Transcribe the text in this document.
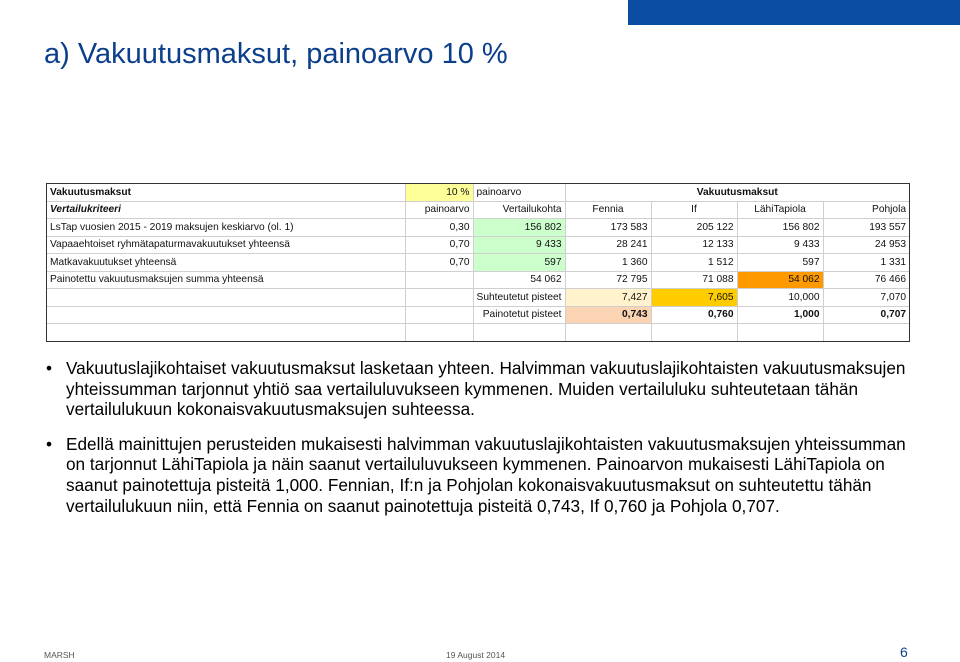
a) Vakuutusmaksut, painoarvo 10 %
Vakuutusmaksut	10 %	painoarvo	Vakuutusmaksut			
Vertailukriteeri	painoarvo	Vertailukohta	Fennia	If	LähiTapiola	Pohjola
LsTap vuosien 2015 - 2019 maksujen keskiarvo (ol. 1)	0,30	156 802	173 583	205 122	156 802	193 557
Vapaaehtoiset ryhmätapaturmavakuutukset yhteensä	0,70	9 433	28 241	12 133	9 433	24 953
Matkavakuutukset yhteensä	0,70	597	1 360	1 512	597	1 331
Painotettu vakuutusmaksujen summa yhteensä		54 062	72 795	71 088	54 062	76 466
		Suhteutetut pisteet	7,427	7,605	10,000	7,070
		Painotetut pisteet	0,743	0,760	1,000	0,707

• Vakuutuslajikohtaiset vakuutusmaksut lasketaan yhteen. Halvimman vakuutuslajikohtaisten vakuutusmaksujen yhteissumman tarjonnut yhtiö saa vertailuluvukseen kymmenen. Muiden vertailuluku suhteutetaan tähän vertailulukuun kokonaisvakuutusmaksujen suhteessa.
• Edellä mainittujen perusteiden mukaisesti halvimman vakuutuslajikohtaisten vakuutusmaksujen yhteissumman on tarjonnut LähiTapiola ja näin saanut vertailuluvukseen kymmenen. Painoarvon mukaisesti LähiTapiola on saanut painotettuja pisteitä 1,000. Fennian, If:n ja Pohjolan kokonaisvakuutusmaksut on suhteutettu tähän vertailulukuun niin, että Fennia on saanut painotettuja pisteitä 0,743, If 0,760 ja Pohjola 0,707.
MARSH	19 August 2014	6
